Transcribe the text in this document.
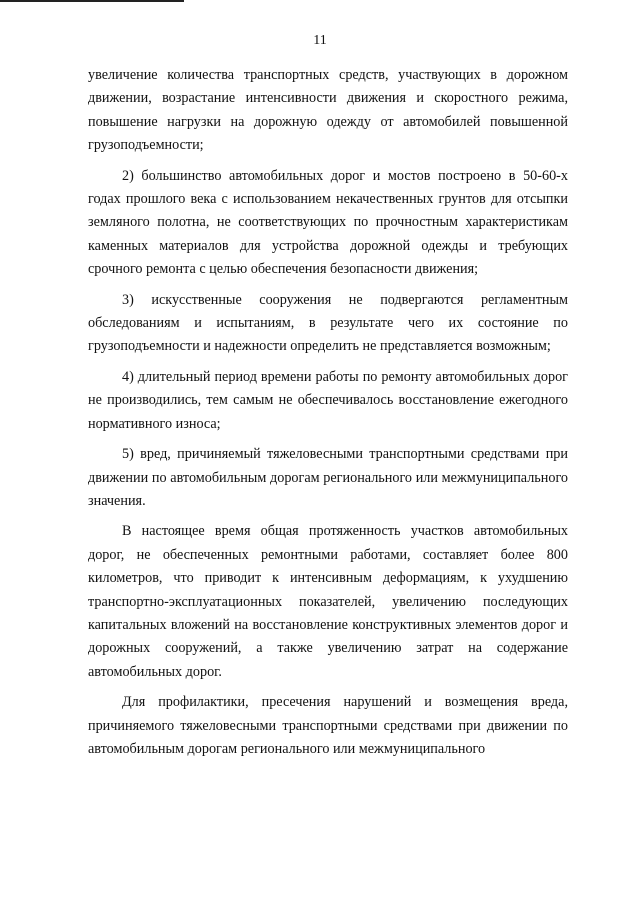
11

увеличение количества транспортных средств, участвующих в дорожном движении, возрастание интенсивности движения и скоростного режима, повышение нагрузки на дорожную одежду от автомобилей повышенной грузоподъемности;

2) большинство автомобильных дорог и мостов построено в 50-60-х годах прошлого века с использованием некачественных грунтов для отсыпки земляного полотна, не соответствующих по прочностным характеристикам каменных материалов для устройства дорожной одежды и требующих срочного ремонта с целью обеспечения безопасности движения;

3) искусственные сооружения не подвергаются регламентным обследованиям и испытаниям, в результате чего их состояние по грузоподъемности и надежности определить не представляется возможным;

4) длительный период времени работы по ремонту автомобильных дорог не производились, тем самым не обеспечивалось восстановление ежегодного нормативного износа;

5) вред, причиняемый тяжеловесными транспортными средствами при движении по автомобильным дорогам регионального или межмуниципального значения.

В настоящее время общая протяженность участков автомобильных дорог, не обеспеченных ремонтными работами, составляет более 800 километров, что приводит к интенсивным деформациям, к ухудшению транспортно-эксплуатационных показателей, увеличению последующих капитальных вложений на восстановление конструктивных элементов дорог и дорожных сооружений, а также увеличению затрат на содержание автомобильных дорог.

Для профилактики, пресечения нарушений и возмещения вреда, причиняемого тяжеловесными транспортными средствами при движении по автомобильным дорогам регионального или межмуниципального
